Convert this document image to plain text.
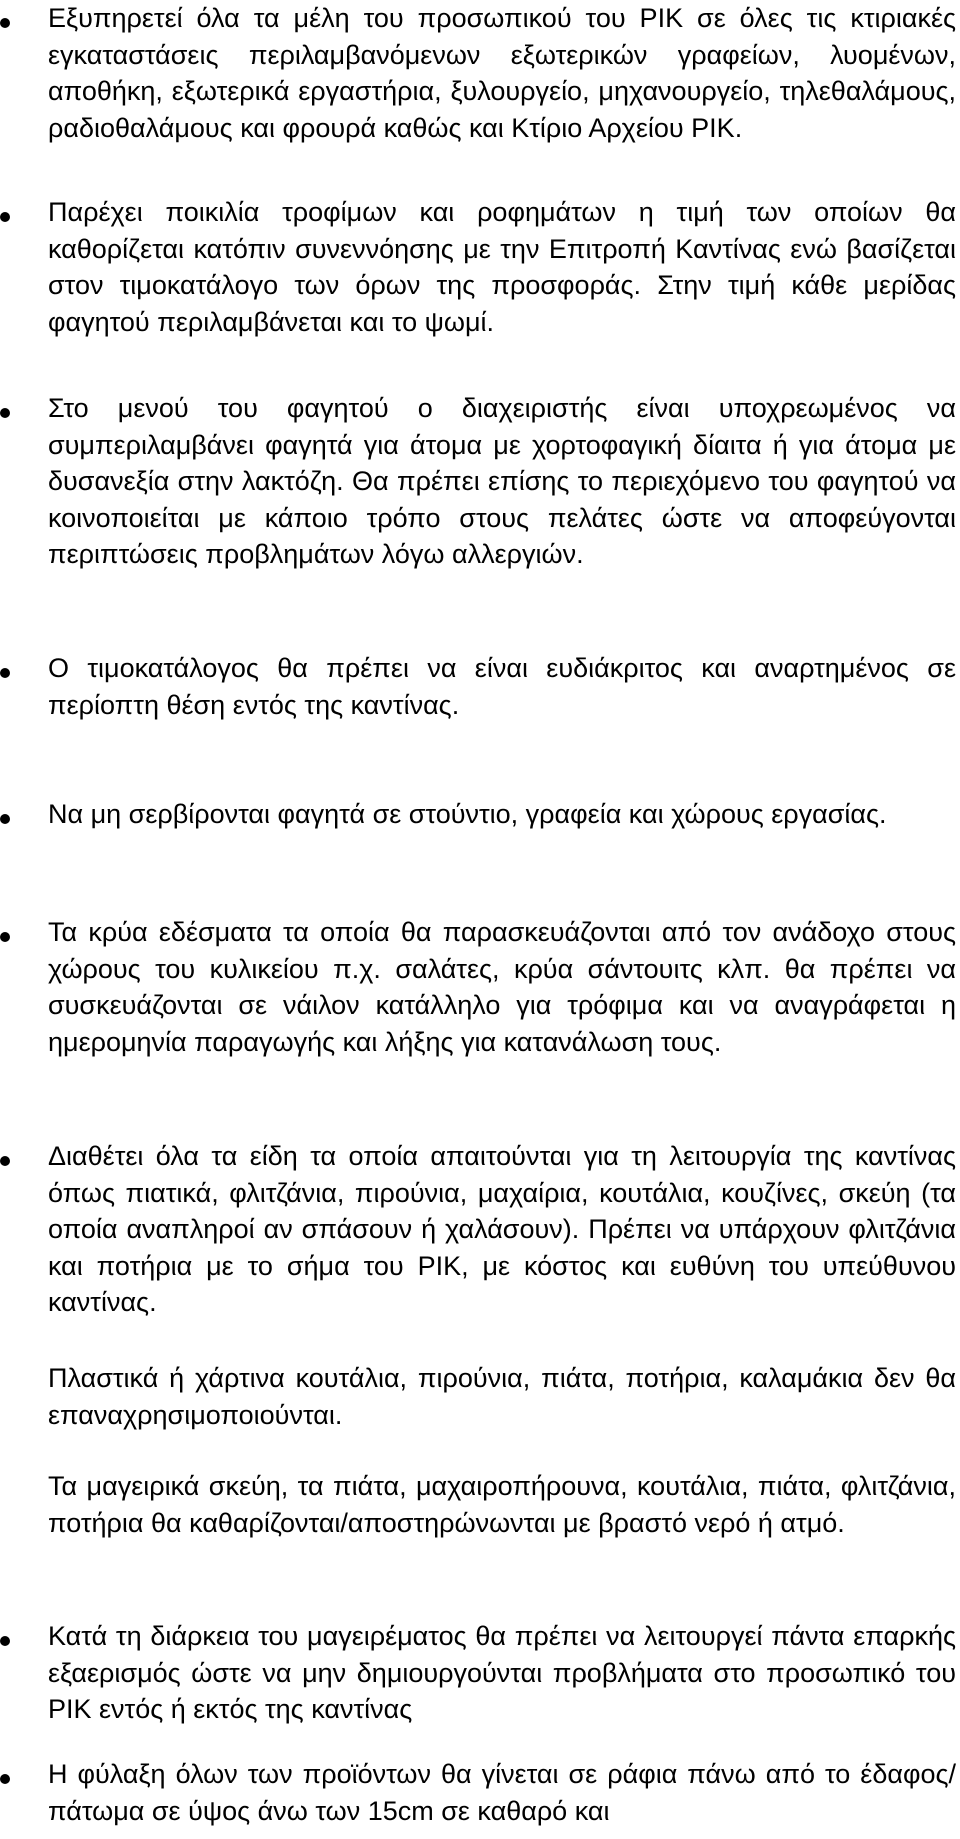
Εξυπηρετεί όλα τα μέλη του προσωπικού του ΡΙΚ σε όλες τις κτιριακές εγκαταστάσεις περιλαμβανόμενων εξωτερικών γραφείων, λυομένων, αποθήκη, εξωτερικά εργαστήρια, ξυλουργείο, μηχανουργείο, τηλεθαλάμους, ραδιοθαλάμους και φρουρά καθώς και Κτίριο Αρχείου ΡΙΚ.

Παρέχει ποικιλία τροφίμων και ροφημάτων η τιμή των οποίων θα καθορίζεται κατόπιν συνεννόησης με την Επιτροπή Καντίνας ενώ βασίζεται στον τιμοκατάλογο των όρων της προσφοράς. Στην τιμή κάθε μερίδας φαγητού περιλαμβάνεται και το ψωμί.

Στο μενού του φαγητού ο διαχειριστής είναι υποχρεωμένος να συμπεριλαμβάνει φαγητά για άτομα με χορτοφαγική δίαιτα ή για άτομα με δυσανεξία στην λακτόζη. Θα πρέπει επίσης το περιεχόμενο του φαγητού να κοινοποιείται με κάποιο τρόπο στους πελάτες ώστε να αποφεύγονται περιπτώσεις προβλημάτων λόγω αλλεργιών.

Ο τιμοκατάλογος θα πρέπει να είναι ευδιάκριτος και αναρτημένος σε περίοπτη θέση εντός της καντίνας.

Να μη σερβίρονται φαγητά σε στούντιο, γραφεία και χώρους εργασίας.

Τα κρύα εδέσματα τα οποία θα παρασκευάζονται από τον ανάδοχο στους χώρους του κυλικείου π.χ. σαλάτες, κρύα σάντουιτς κλπ. θα πρέπει να συσκευάζονται σε νάιλον κατάλληλο για τρόφιμα και να αναγράφεται η ημερομηνία παραγωγής και λήξης για κατανάλωση τους.

Διαθέτει όλα τα είδη τα οποία απαιτούνται για τη λειτουργία της καντίνας όπως πιατικά, φλιτζάνια, πιρούνια, μαχαίρια, κουτάλια, κουζίνες, σκεύη (τα οποία αναπληροί αν σπάσουν ή χαλάσουν). Πρέπει να υπάρχουν φλιτζάνια και ποτήρια με το σήμα του ΡΙΚ, με κόστος και ευθύνη του υπεύθυνου καντίνας.

Πλαστικά ή χάρτινα κουτάλια, πιρούνια, πιάτα, ποτήρια, καλαμάκια δεν θα επαναχρησιμοποιούνται.

Τα μαγειρικά σκεύη, τα πιάτα, μαχαιροπήρουνα, κουτάλια, πιάτα, φλιτζάνια, ποτήρια θα καθαρίζονται/αποστηρώνωνται με βραστό νερό ή ατμό.

Κατά τη διάρκεια του μαγειρέματος θα πρέπει να λειτουργεί πάντα επαρκής εξαερισμός ώστε να μην δημιουργούνται προβλήματα στο προσωπικό του ΡΙΚ εντός ή εκτός της καντίνας

Η φύλαξη όλων των προϊόντων θα γίνεται σε ράφια πάνω από το έδαφος/πάτωμα σε ύψος άνω των 15cm σε καθαρό και
